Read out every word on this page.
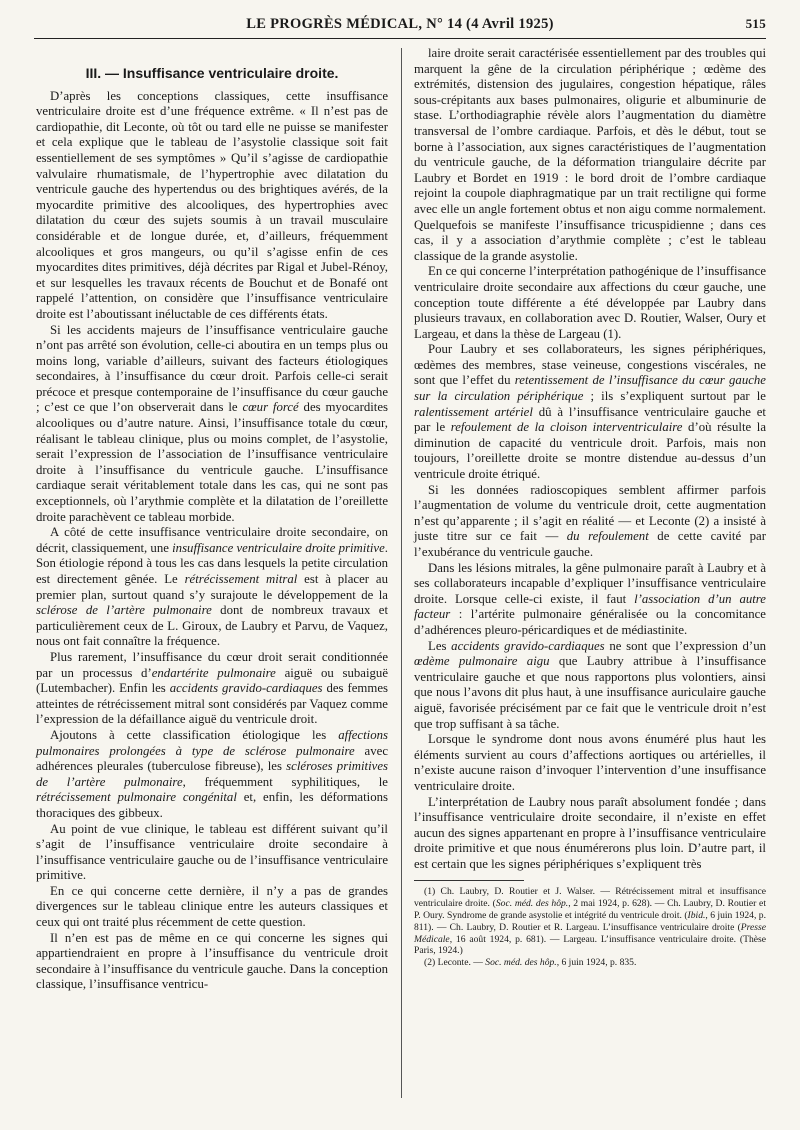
LE PROGRÈS MÉDICAL, N° 14 (4 Avril 1925)	515
III. — Insuffisance ventriculaire droite.

D’après les conceptions classiques, cette insuffisance ventriculaire droite est d’une fréquence extrême. « Il n’est pas de cardiopathie, dit Leconte, où tôt ou tard elle ne puisse se manifester et cela explique que le tableau de l’asystolie classique soit fait essentiellement de ses symptômes » Qu’il s’agisse de cardiopathie valvulaire rhumatismale, de l’hypertrophie avec dilatation du ventricule gauche des hypertendus ou des brightiques avérés, de la myocardite primitive des alcooliques, des hypertrophies avec dilatation du cœur des sujets soumis à un travail musculaire considérable et de longue durée, et, d’ailleurs, fréquemment alcooliques et gros mangeurs, ou qu’il s’agisse enfin de ces myocardites dites primitives, déjà décrites par Rigal et Jubel-Rénoy, et sur lesquelles les travaux récents de Bouchut et de Bonafé ont rappelé l’attention, on considère que l’insuffisance ventriculaire droite est l’aboutissant inéluctable de ces différents états.

Si les accidents majeurs de l’insuffisance ventriculaire gauche n’ont pas arrêté son évolution, celle-ci aboutira en un temps plus ou moins long, variable d’ailleurs, suivant des facteurs étiologiques secondaires, à l’insuffisance du cœur droit. Parfois celle-ci serait précoce et presque contemporaine de l’insuffisance du cœur gauche ; c’est ce que l’on observerait dans le cœur forcé des myocardites alcooliques ou d’autre nature. Ainsi, l’insuffisance totale du cœur, réalisant le tableau clinique, plus ou moins complet, de l’asystolie, serait l’expression de l’association de l’insuffisance ventriculaire droite à l’insuffisance du ventricule gauche. L’insuffisance cardiaque serait véritablement totale dans les cas, qui ne sont pas exceptionnels, où l’arythmie complète et la dilatation de l’oreillette droite parachèvent ce tableau morbide.

A côté de cette insuffisance ventriculaire droite secondaire, on décrit, classiquement, une insuffisance ventriculaire droite primitive. Son étiologie répond à tous les cas dans lesquels la petite circulation est directement gênée. Le rétrécissement mitral est à placer au premier plan, surtout quand s’y surajoute le développement de la sclérose de l’artère pulmonaire dont de nombreux travaux et particulièrement ceux de L. Giroux, de Laubry et Parvu, de Vaquez, nous ont fait connaître la fréquence.

Plus rarement, l’insuffisance du cœur droit serait conditionnée par un processus d’endartérite pulmonaire aiguë ou subaiguë (Lutembacher). Enfin les accidents gravido-cardiaques des femmes atteintes de rétrécissement mitral sont considérés par Vaquez comme l’expression de la défaillance aiguë du ventricule droit.

Ajoutons à cette classification étiologique les affections pulmonaires prolongées à type de sclérose pulmonaire avec adhérences pleurales (tuberculose fibreuse), les scléroses primitives de l’artère pulmonaire, fréquemment syphilitiques, le rétrécissement pulmonaire congénital et, enfin, les déformations thoraciques des gibbeux.

Au point de vue clinique, le tableau est différent suivant qu’il s’agit de l’insuffisance ventriculaire droite secondaire à l’insuffisance ventriculaire gauche ou de l’insuffisance ventriculaire primitive.

En ce qui concerne cette dernière, il n’y a pas de grandes divergences sur le tableau clinique entre les auteurs classiques et ceux qui ont traité plus récemment de cette question.

Il n’en est pas de même en ce qui concerne les signes qui appartiendraient en propre à l’insuffisance du ventricule droit secondaire à l’insuffisance du ventricule gauche. Dans la conception classique, l’insuffisance ventricu-

laire droite serait caractérisée essentiellement par des troubles qui marquent la gêne de la circulation périphérique ; œdème des extrémités, distension des jugulaires, congestion hépatique, râles sous-crépitants aux bases pulmonaires, oligurie et albuminurie de stase. L’orthodiagraphie révèle alors l’augmentation du diamètre transversal de l’ombre cardiaque. Parfois, et dès le début, tout se borne à l’association, aux signes caractéristiques de l’augmentation du ventricule gauche, de la déformation triangulaire décrite par Laubry et Bordet en 1919 : le bord droit de l’ombre cardiaque rejoint la coupole diaphragmatique par un trait rectiligne qui forme avec elle un angle fortement obtus et non aigu comme normalement. Quelquefois se manifeste l’insuffisance tricuspidienne ; dans ces cas, il y a association d’arythmie complète ; c’est le tableau classique de la grande asystolie.

En ce qui concerne l’interprétation pathogénique de l’insuffisance ventriculaire droite secondaire aux affections du cœur gauche, une conception toute différente a été développée par Laubry dans plusieurs travaux, en collaboration avec D. Routier, Walser, Oury et Largeau, et dans la thèse de Largeau (1).

Pour Laubry et ses collaborateurs, les signes périphériques, œdèmes des membres, stase veineuse, congestions viscérales, ne sont que l’effet du retentissement de l’insuffisance du cœur gauche sur la circulation périphérique ; ils s’expliquent surtout par le ralentissement artériel dû à l’insuffisance ventriculaire gauche et par le refoulement de la cloison interventriculaire d’où résulte la diminution de capacité du ventricule droit. Parfois, mais non toujours, l’oreillette droite se montre distendue au-dessus d’un ventricule droite étriqué.

Si les données radioscopiques semblent affirmer parfois l’augmentation de volume du ventricule droit, cette augmentation n’est qu’apparente ; il s’agit en réalité — et Leconte (2) a insisté à juste titre sur ce fait — du refoulement de cette cavité par l’exubérance du ventricule gauche.

Dans les lésions mitrales, la gêne pulmonaire paraît à Laubry et à ses collaborateurs incapable d’expliquer l’insuffisance ventriculaire droite. Lorsque celle-ci existe, il faut l’association d’un autre facteur : l’artérite pulmonaire généralisée ou la concomitance d’adhérences pleuro-péricardiques et de médiastinite.

Les accidents gravido-cardiaques ne sont que l’expression d’un œdème pulmonaire aigu que Laubry attribue à l’insuffisance ventriculaire gauche et que nous rapportons plus volontiers, ainsi que nous l’avons dit plus haut, à une insuffisance auriculaire gauche aiguë, favorisée précisément par ce fait que le ventricule droit n’est que trop suffisant à sa tâche.

Lorsque le syndrome dont nous avons énuméré plus haut les éléments survient au cours d’affections aortiques ou artérielles, il n’existe aucune raison d’invoquer l’intervention d’une insuffisance ventriculaire droite.

L’interprétation de Laubry nous paraît absolument fondée ; dans l’insuffisance ventriculaire droite secondaire, il n’existe en effet aucun des signes appartenant en propre à l’insuffisance ventriculaire droite primitive et que nous énumérerons plus loin. D’autre part, il est certain que les signes périphériques s’expliquent très

(1) Ch. Laubry, D. Routier et J. Walser. — Rétrécissement mitral et insuffisance ventriculaire droite. (Soc. méd. des hôp., 2 mai 1924, p. 628). — Ch. Laubry, D. Routier et P. Oury. Syndrome de grande asystolie et intégrité du ventricule droit. (Ibid., 6 juin 1924, p. 811). — Ch. Laubry, D. Routier et R. Largeau. L’insuffisance ventriculaire droite (Presse Médicale, 16 août 1924, p. 681). — Largeau. L’insuffisance ventriculaire droite. (Thèse Paris, 1924.)

(2) Leconte. — Soc. méd. des hôp., 6 juin 1924, p. 835.
